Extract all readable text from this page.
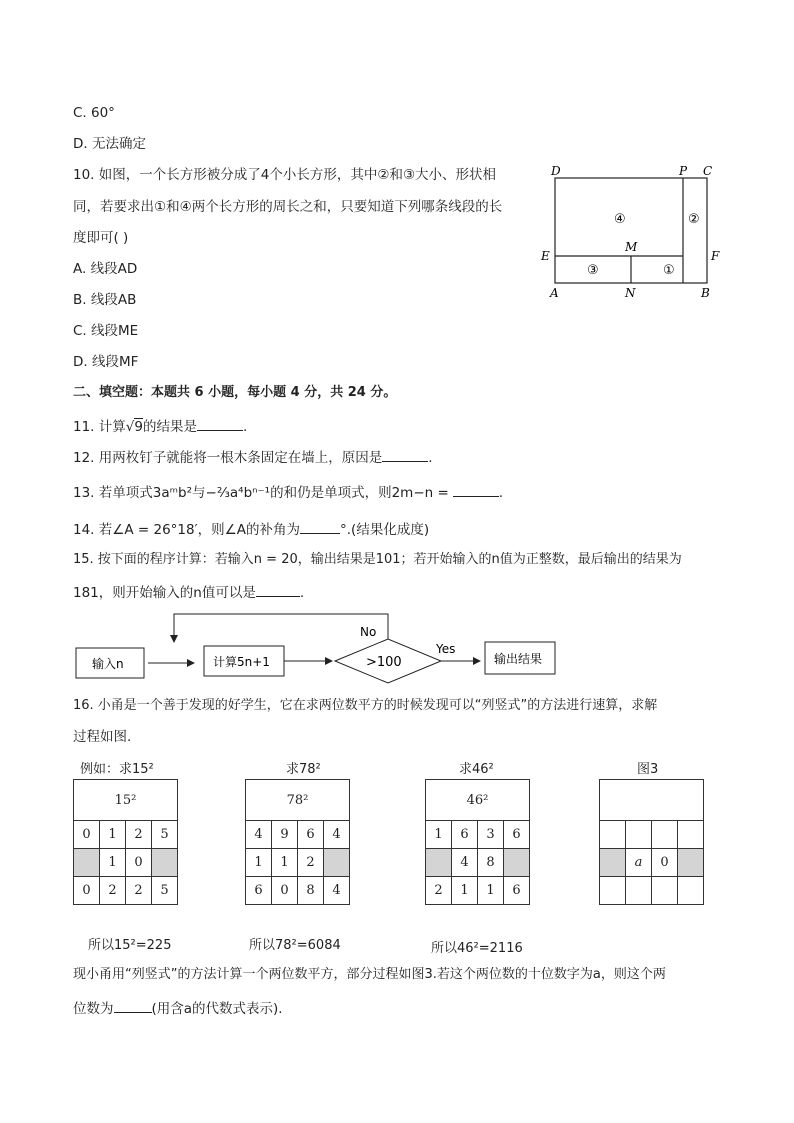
C. 60°
D. 无法确定
10. 如图，一个长方形被分成了4个小长方形，其中②和③大小、形状相
同，若要求出①和④两个长方形的周长之和，只要知道下列哪条线段的长
度即可( )
A. 线段AD
B. 线段AB
C. 线段ME
D. 线段MF
D	P C
E
M
F
A	N	B
④	②
③	①
二、填空题：本题共 6 小题，每小题 4 分，共 24 分。
11. 计算√9的结果是	.
12. 用两枚钉子就能将一根木条固定在墙上，原因是	.
13. 若单项式3aᵐb²与−⅔a⁴bⁿ⁻¹的和仍是单项式，则2m−n =	.
14. 若∠A = 26°18′，则∠A的补角为	°.(结果化成度)
15. 按下面的程序计算：若输入n = 20，输出结果是101；若开始输入的n值为正整数，最后输出的结果为
181，则开始输入的n值可以是	.
输入n	计算5n+1	>100
No
Yes
输出结果
16. 小甬是一个善于发现的好学生，它在求两位数平方的时候发现可以“列竖式”的方法进行速算，求解
过程如图.
例如：求15²	求78²	求46²	图3
15²			
0	1	2	5
	1	0	
0	2	2	5
78²			
4	9	6	4
1	1	2	
6	0	8	4
46²			
1	6	3	6
	4	8	
2	1	1	6

	a	0	

所以15²=225	所以78²=6084	所以46²=2116
现小甬用“列竖式”的方法计算一个两位数平方，部分过程如图3.若这个两位数的十位数字为a，则这个两
位数为	(用含a的代数式表示).
